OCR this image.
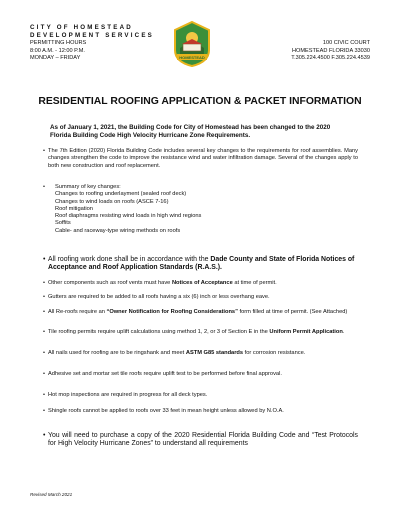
CITY OF HOMESTEAD
DEVELOPMENT SERVICES
PERMITTING HOURS
8:00 A.M. - 12:00 P.M.
MONDAY – FRIDAY	HOMESTEAD
100 CIVIC COURT
HOMESTEAD FLORIDA 33030
T.305.224.4500 F.305.224.4539
RESIDENTIAL ROOFING APPLICATION & PACKET INFORMATION
As of January 1, 2021, the Building Code for City of Homestead has been changed to the 2020 Florida Building Code High Velocity Hurricane Zone Requirements.
• The 7th Edition (2020) Florida Building Code includes several key changes to the requirements for roof assemblies. Many changes strengthen the code to improve the resistance wind and water infiltration damage. Several of the changes apply to both new construction and roof replacement.
• Summary of key changes:
Changes to roofing underlayment (sealed roof deck)
Changes to wind loads on roofs (ASCE 7-16)
Roof mitigation
Roof diaphragms resisting wind loads in high wind regions
Soffits
Cable- and raceway-type wiring methods on roofs
• All roofing work done shall be in accordance with the Dade County and State of Florida Notices of Acceptance and Roof Application Standards (R.A.S.).
• Other components such as roof vents must have Notices of Acceptance at time of permit.
• Gutters are required to be added to all roofs having a six (6) inch or less overhang eave.
• All Re-roofs require an “Owner Notification for Roofing Considerations” form filled at time of permit. (See Attached)
• Tile roofing permits require uplift calculations using method 1, 2, or 3 of Section E in the Uniform Permit Application.
• All nails used for roofing are to be ringshank and meet ASTM G85 standards for corrosion resistance.
• Adhesive set and mortar set tile roofs require uplift test to be performed before final approval.
• Hot mop inspections are required in progress for all deck types.
• Shingle roofs cannot be applied to roofs over 33 feet in mean height unless allowed by N.O.A.
• You will need to purchase a copy of the 2020 Residential Florida Building Code and “Test Protocols for High Velocity Hurricane Zones” to understand all requirements
Revised March 2021
